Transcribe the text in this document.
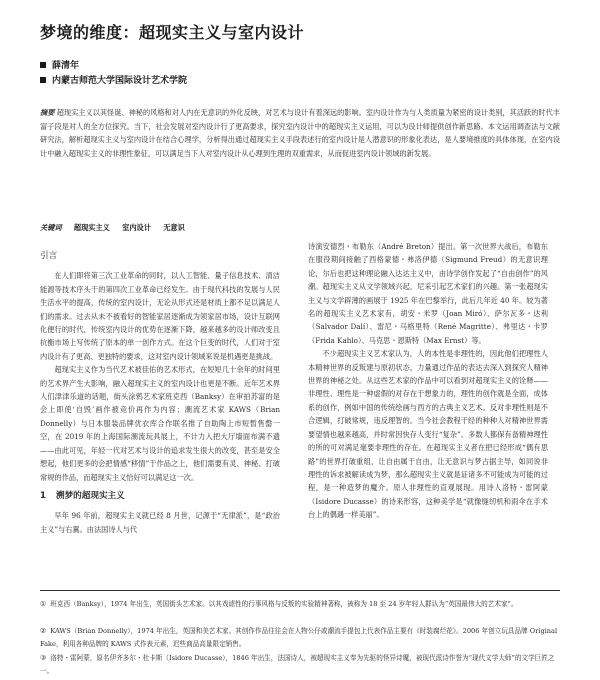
梦境的维度：超现实主义与室内设计
薛清年
内蒙古师范大学国际设计艺术学院

摘要 超现实主义以其怪诞、神秘的风格和对人内在无意识的外化反映，对艺术与设计有着深远的影响。室内设计作为与人类质量为紧密的设计类别，其活跃的时代丰富子段是对人的全方位探究。当下，社会发展对室内设计行了更高要求，探究室内设计中的超现实主义运用，可以为设计师提供创作新思路。本文运用调查法与文献研究法，解析超现实主义与室内设计在结合心理学，分析得出通过超现实主义手段表述行的室内设计是人潜意识的形象化表达，是人要境推度的具体体现，在室内设计中融入超现实主义的非理性象征，可以满足当下人对室内设计从心理到生理的双重需求，从而促进室内设计领域的新发展。

关键词 超现实主义 室内设计 无意识

引言

在人们即将第三次工业革命的同时，以人工智能、量子信息技术、清洁能源等技术序头干的第四次工业革命已经发生。由于现代科技的发展与人民生活水平的提高，传统的室内设计，无论从形式还是材质上都不足以满足人们的需求。过去从未不被看好的智能家居逐渐成为领家居市场，设计互联网化便行的时代，传统室内设计的优势在逐渐下降，越来越多的设计师改变且抗衡市场上写传统了原本的单一创作方式。在这个巨变的时代，人们对于室内设计有了更高、更独特的要求，这对室内设计领域来说是机遇更是挑战。

超现实主义作为当代艺术被佳佑的艺术形式，在短短几十余年的时间里的艺术界产生大影响，融入超现实主义的室内设计也更是不断。近年艺术界人们津津乐道的话题，街头涂鸦艺术家班克西（Banksy）在审拍苏富的是会上即使‘自毁’画作被竞价再作为内容；潮流艺术家 KAWS（Brian Donnelly）与日本服装品牌优衣库合作联名推了自助陶上市短暂售罄一空，在 2019 年的上海国际潮流玩具展上，不计力入把大厅墙面布满不遗——由此可见，年轻一代对艺术与设计的追求发生很大的改变，甚至是安全想起，他们更多的会把情感“移情”于作品之上，他们需要有灵、神秘、打破常规的作品，而超现实主义恰好可以满足这一次。

1 溯梦的超现实主义

早年 96 年前，超现实主义就已经 8 月世，记源于“无律派”，是“政治主义”与右翼。由法国诗人与代

诗演安德烈・布勒东（André Breton）提出。第一次世界大战后，布勒东在服役期间接触了西格蒙德・弗洛伊德（Sigmund Freud）的无意识理论，尔后也把这种理论融入达达主义中，由诗学创作发起了“自由创作”的风潮。超现实主义从文学领域兴起，尼采引起艺术家们的兴趣。第一张超现实主义与文学辟薄的画展于 1925 年在巴黎举行，此后几年近 40 年。较为著名的超现实主义艺术家有，胡安・米罗（Joan Miró）、萨尔瓦多・达利（Salvador Dalí）、雷尼・马格里特（René Magritte）、弗里达・卡罗（Frida Kahlo）、马克思・恩斯特（Max Ernst）等。

不少超现实主义艺术家认为，人的本性是非理性的，因此他们把理性人本精神世界的反叛建与原初状态，力量通过作品的表达去深入到探究人精神世界的神秘之处。从这些艺术家的作品中可以看到对超现实主义的诠释——非理性、理性是一种虚假的对存在于想象力的，理性的创作就是全面，成体系的创作，例如中国的传统绘画与西方的古典主义艺术。反对非理性则是不合逻辑，打破常规，违反理智的。当今社会教程干经的种种人对精神世界需要望情也越来越高，并时常因快存人变行“复杂”。多数人都保有备精神理性的所的可对满足毫要非理性的存在。在超现实主义者在把已经形成“偶有思路”的世界打破重组，让自由属于自由，让无意识与梦占据主导，如同说非理性的诉求被解读成为梦，那么超现实主义就是证诸多不可能成为可能的过程，是一种造梦的魔介。原人非理性的直观展现。用诗人洛特・雷阿蒙（Isidore Ducasse）的诗来形容，这种美学是“就像缝纫机和雨伞在手术台上的偶遇一样美丽”。

① 班克西（Banksy），1974 年出生，英国街头艺术家。以其戏谑性的行事风格与反叛的实验精神著称，被称为 18 至 24 岁年轻人群认为“英国最伟大的艺术家”。

② KAWS（Brian Donnelly），1974 年出生，英国和美艺术家。其创作作品往往会在人物公仔或潮流手提包上代表作品主要有《时装腐烂花》。2006 年创立玩具品牌 Original Fake，利用各种品牌的 KAWS 式作表元素，迟些商品高量限定销售。

③ 洛特・雷阿蒙，原名伊齐多尔・杜卡斯（Isidore Ducasse），1846 年出生，法国诗人，被超现实主义奉为先驱的怪异诗魔，被现代派诗作誉为“现代文学大师”的文学巨匠之一。
